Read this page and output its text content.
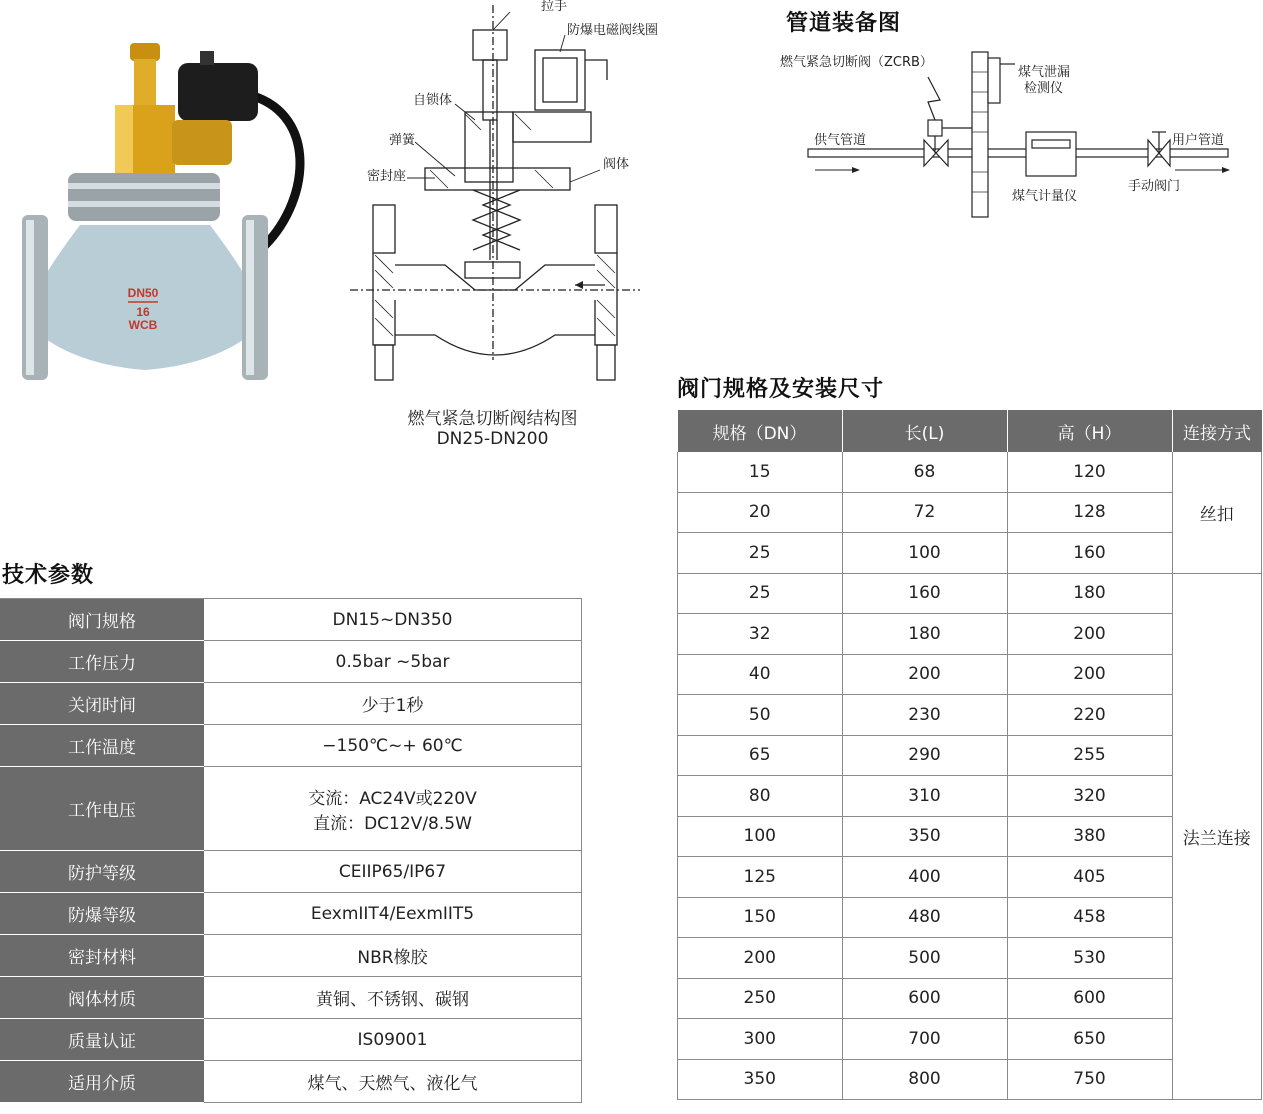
DN50
16
WCB
拉手
防爆电磁阀线圈
自锁体
弹簧
阀体
密封座
燃气紧急切断阀结构图
DN25-DN200
管道装备图
燃气紧急切断阀（ZCRB）
煤气泄漏
检测仪
供气管道	用户管道
煤气计量仪
手动阀门
技术参数
阀门规格	DN15~DN350
工作压力	0.5bar ~5bar
关闭时间	少于1秒
工作温度	−150℃~+ 60℃
工作电压	交流：AC24V或220V
直流：DC12V/8.5W

防护等级	CEIIP65/IP67
防爆等级	EexmIIT4/EexmIIT5
密封材料	NBR橡胶
阀体材质	黄铜、不锈钢、碳钢
质量认证	IS09001
适用介质	煤气、天燃气、液化气
阀门规格及安装尺寸
规格（DN）	长(L)	高（H）	连接方式
15	68	120	丝扣
20	72	128	
25	100	160	
25	160	180	法兰连接
32	180	200	
40	200	200	
50	230	220	
65	290	255	
80	310	320	
100	350	380	
125	400	405	
150	480	458	
200	500	530	
250	600	600	
300	700	650	
350	800	750	
